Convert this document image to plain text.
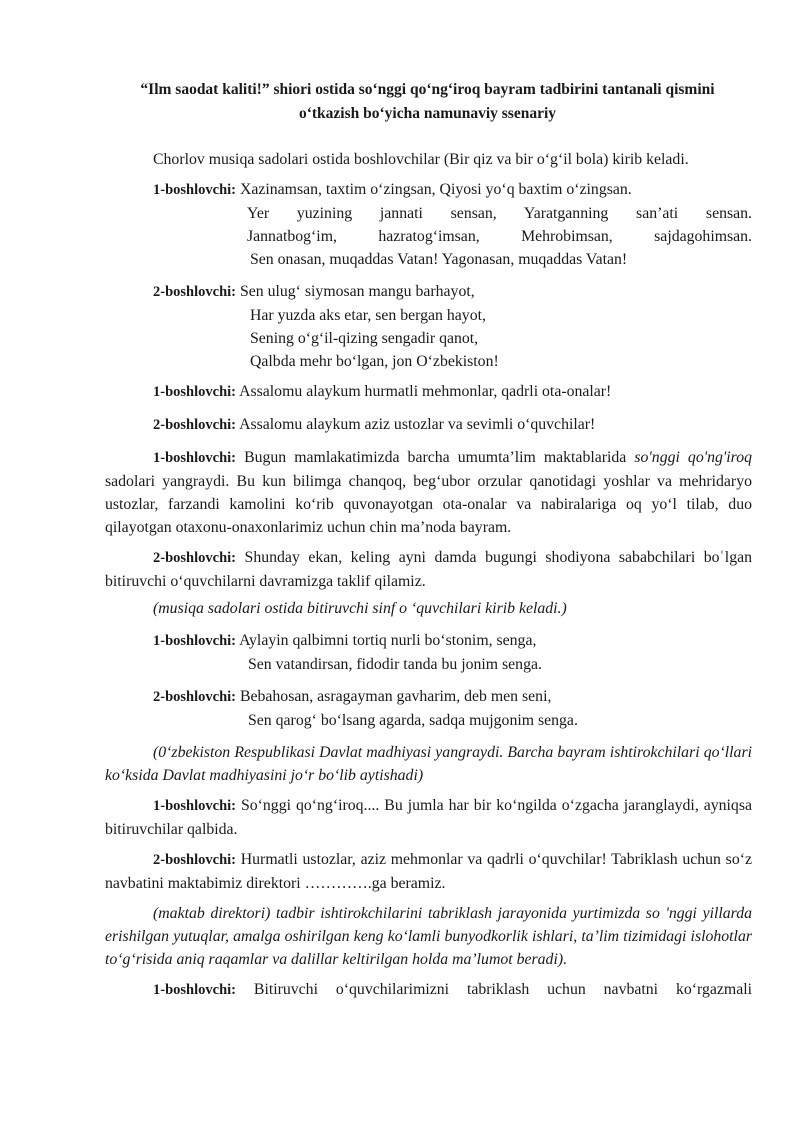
“Ilm saodat kaliti!” shiori ostida so‘nggi qo‘ng‘iroq bayram tadbirini tantanali qismini
o‘tkazish bo‘yicha namunaviy ssenariy

Chorlov musiqa sadolari ostida boshlovchilar (Bir qiz va bir o‘g‘il bola) kirib keladi.

1-boshlovchi: Xazinamsan, taxtim o‘zingsan, Qiyosi yo‘q baxtim o‘zingsan.

Yer yuzining jannati sensan, Yaratganning san’ati sensan.

Jannatbog‘im, hazratog‘imsan, Mehrobimsan, sajdagohimsan.

Sen onasan, muqaddas Vatan! Yagonasan, muqaddas Vatan!

2-boshlovchi: Sen ulug‘ siymosan mangu barhayot,

Har yuzda aks etar, sen bergan hayot,

Sening o‘g‘il-qizing sengadir qanot,

Qalbda mehr bo‘lgan, jon O‘zbekiston!

1-boshlovchi: Assalomu alaykum hurmatli mehmonlar, qadrli ota-onalar!

2-boshlovchi: Assalomu alaykum aziz ustozlar va sevimli o‘quvchilar!

1-boshlovchi: Bugun mamlakatimizda barcha umumta’lim maktablarida so'nggi qo'ng'iroq sadolari yangraydi. Bu kun bilimga chanqoq, beg‘ubor orzular qanotidagi yoshlar va mehridaryo ustozlar, farzandi kamolini ko‘rib quvonayotgan ota-onalar va nabiralariga oq yo‘l tilab, duo qilayotgan otaxonu-onaxonlarimiz uchun chin ma’noda bayram.

2-boshlovchi: Shunday ekan, keling ayni damda bugungi shodiyona sababchilari boʿlgan bitiruvchi o‘quvchilarni davramizga taklif qilamiz.

(musiqa sadolari ostida bitiruvchi sinf o ‘quvchilari kirib keladi.)

1-boshlovchi: Aylayin qalbimni tortiq nurli bo‘stonim, senga,

Sen vatandirsan, fidodir tanda bu jonim senga.

2-boshlovchi: Bebahosan, asragayman gavharim, deb men seni,

Sen qarog‘ bo‘lsang agarda, sadqa mujgonim senga.

(0‘zbekiston Respublikasi Davlat madhiyasi yangraydi. Barcha bayram ishtirokchilari qo‘llari ko‘ksida Davlat madhiyasini jo‘r bo‘lib aytishadi)

1-boshlovchi: So‘nggi qo‘ng‘iroq.... Bu jumla har bir ko‘ngilda o‘zgacha jaranglaydi, ayniqsa bitiruvchilar qalbida.

2-boshlovchi: Hurmatli ustozlar, aziz mehmonlar va qadrli o‘quvchilar! Tabriklash uchun so‘z navbatini maktabimiz direktori ………….ga beramiz.

(maktab direktori) tadbir ishtirokchilarini tabriklash jarayonida yurtimizda so 'nggi yillarda erishilgan yutuqlar, amalga oshirilgan keng ko‘lamli bunyodkorlik ishlari, ta’lim tizimidagi islohotlar to‘g‘risida aniq raqamlar va dalillar keltirilgan holda ma’lumot beradi).

1-boshlovchi: Bitiruvchi o‘quvchilarimizni tabriklash uchun navbatni ko‘rgazmali
